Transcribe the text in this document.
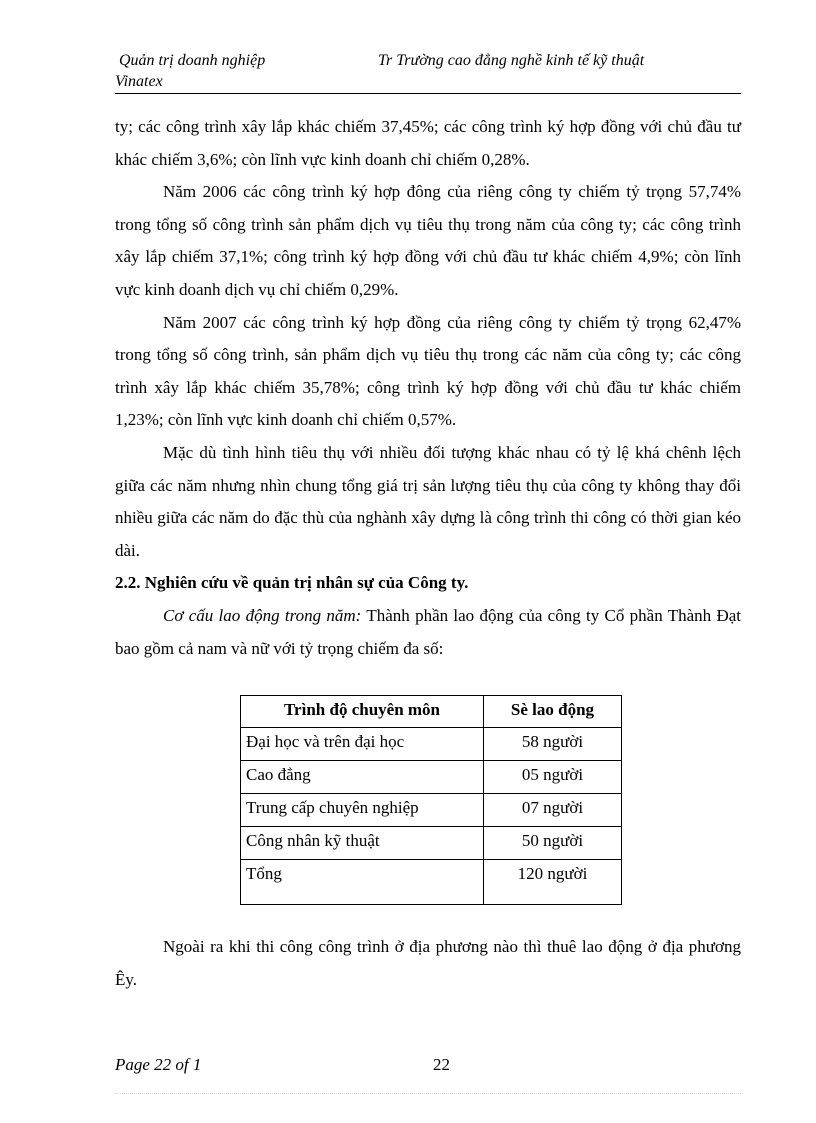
Quản trị doanh nghiệp
Vinatex
Tr Trường cao đẳng nghề kinh tế kỹ thuật

ty; các công trình xây lắp khác chiếm 37,45%; các công trình ký hợp đồng với chủ đầu tư khác chiếm 3,6%; còn lĩnh vực kinh doanh chỉ chiếm 0,28%.

Năm 2006 các công trình ký hợp đông của riêng công ty chiếm tỷ trọng 57,74% trong tổng số công trình sản phẩm dịch vụ tiêu thụ trong năm của công ty; các công trình xây lắp chiếm 37,1%; công trình ký hợp đồng với chủ đầu tư khác chiếm 4,9%; còn lĩnh vực kinh doanh dịch vụ chỉ chiếm 0,29%.

Năm 2007 các công trình ký hợp đồng của riêng công ty chiếm tỷ trọng 62,47% trong tổng số công trình, sản phẩm dịch vụ tiêu thụ trong các năm của công ty; các công trình xây lắp khác chiếm 35,78%; công trình ký hợp đồng với chủ đầu tư khác chiếm 1,23%; còn lĩnh vực kinh doanh chỉ chiếm 0,57%.

Mặc dù tình hình tiêu thụ với nhiều đối tượng khác nhau có tỷ lệ khá chênh lệch giữa các năm nhưng nhìn chung tổng giá trị sản lượng tiêu thụ của công ty không thay đổi nhiều giữa các năm do đặc thù của nghành xây dựng là công trình thi công có thời gian kéo dài.

2.2. Nghiên cứu về quản trị nhân sự của Công ty.

Cơ cấu lao động trong năm: Thành phần lao động của công ty Cổ phần Thành Đạt bao gồm cả nam và nữ với tỷ trọng chiếm đa số:

Trình độ chuyên môn	Sè lao động
Đại học và trên đại học	58 người
Cao đẳng	05 người
Trung cấp chuyên nghiệp	07 người
Công nhân kỹ thuật	50 người
Tổng	120 người

Ngoài ra khi thi công công trình ở địa phương nào thì thuê lao động ở địa phương Êy.

Page 22 of 1	22
